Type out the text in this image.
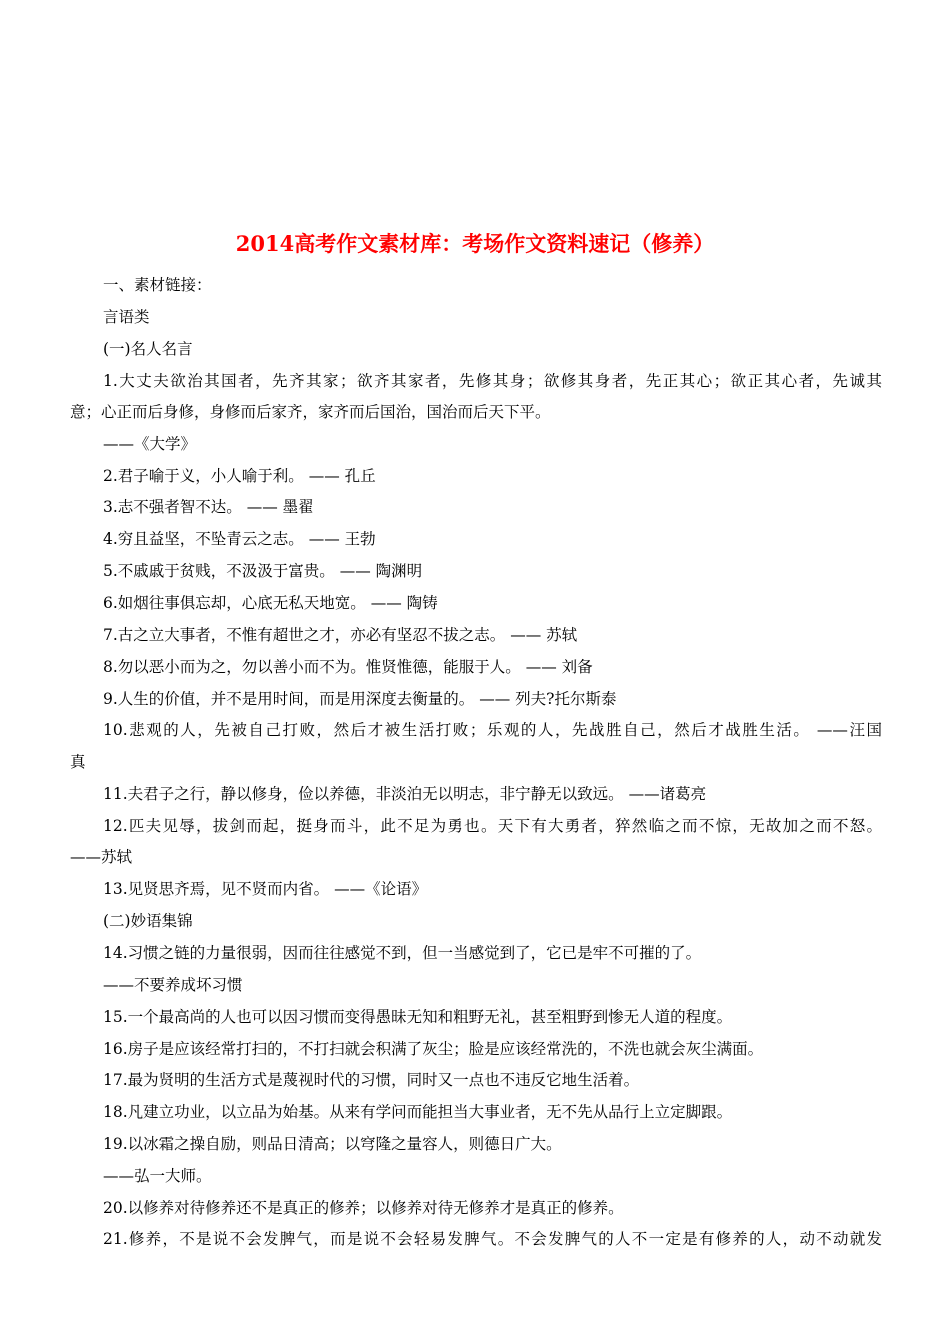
2014高考作文素材库：考场作文资料速记（修养）
一、素材链接：
言语类
(一)名人名言
1.大丈夫欲治其国者，先齐其家；欲齐其家者，先修其身；欲修其身者，先正其心；欲正其心者，先诚其
意；心正而后身修，身修而后家齐，家齐而后国治，国治而后天下平。
——《大学》
2.君子喻于义，小人喻于利。 —— 孔丘
3.志不强者智不达。 —— 墨翟
4.穷且益坚，不坠青云之志。 —— 王勃
5.不戚戚于贫贱，不汲汲于富贵。 —— 陶渊明
6.如烟往事俱忘却，心底无私天地宽。 —— 陶铸
7.古之立大事者，不惟有超世之才，亦必有坚忍不拔之志。 —— 苏轼
8.勿以恶小而为之，勿以善小而不为。惟贤惟德，能服于人。 —— 刘备
9.人生的价值，并不是用时间，而是用深度去衡量的。 —— 列夫?托尔斯泰
10.悲观的人，先被自己打败，然后才被生活打败；乐观的人，先战胜自己，然后才战胜生活。 ——汪国
真
11.夫君子之行，静以修身，俭以养德，非淡泊无以明志，非宁静无以致远。 ——诸葛亮
12.匹夫见辱，拔剑而起，挺身而斗，此不足为勇也。天下有大勇者，猝然临之而不惊，无故加之而不怒。
——苏轼
13.见贤思齐焉，见不贤而内省。 ——《论语》
(二)妙语集锦
14.习惯之链的力量很弱，因而往往感觉不到，但一当感觉到了，它已是牢不可摧的了。
——不要养成坏习惯
15.一个最高尚的人也可以因习惯而变得愚昧无知和粗野无礼，甚至粗野到惨无人道的程度。
16.房子是应该经常打扫的，不打扫就会积满了灰尘；脸是应该经常洗的，不洗也就会灰尘满面。
17.最为贤明的生活方式是蔑视时代的习惯，同时又一点也不违反它地生活着。
18.凡建立功业，以立品为始基。从来有学问而能担当大事业者，无不先从品行上立定脚跟。
19.以冰霜之操自励，则品日清高；以穹隆之量容人，则德日广大。
——弘一大师。
20.以修养对待修养还不是真正的修养；以修养对待无修养才是真正的修养。
21.修养，不是说不会发脾气，而是说不会轻易发脾气。不会发脾气的人不一定是有修养的人，动不动就发
